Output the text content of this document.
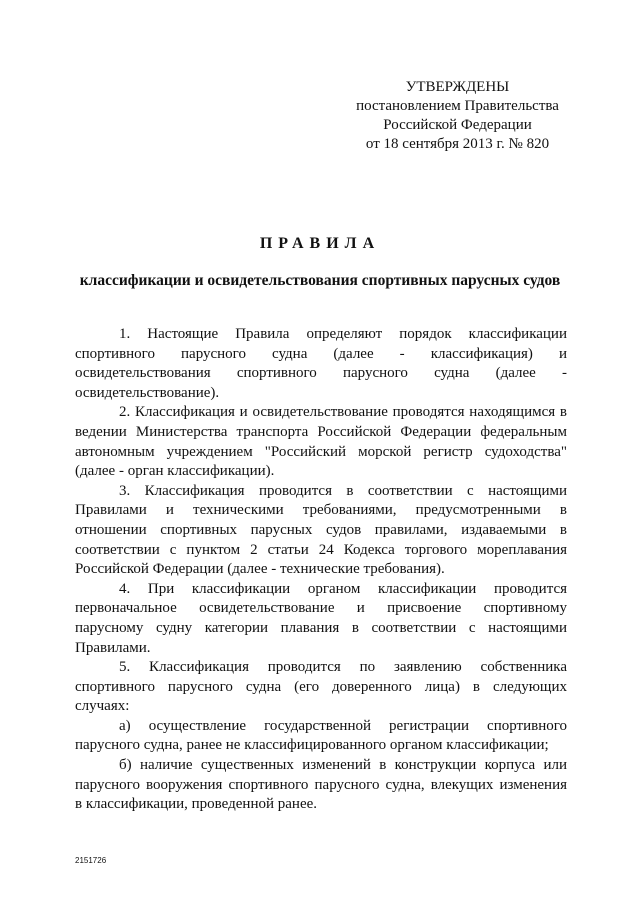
УТВЕРЖДЕНЫ
постановлением Правительства
Российской Федерации
от 18 сентября 2013 г. № 820
ПРАВИЛА
классификации и освидетельствования спортивных парусных судов
1. Настоящие Правила определяют порядок классификации
спортивного парусного судна (далее - классификация) и
освидетельствования спортивного парусного судна (далее -
освидетельствование).
2. Классификация и освидетельствование проводятся находящимся в
ведении Министерства транспорта Российской Федерации федеральным
автономным учреждением "Российский морской регистр судоходства"
(далее - орган классификации).
3. Классификация проводится в соответствии с настоящими
Правилами и техническими требованиями, предусмотренными в
отношении спортивных парусных судов правилами, издаваемыми в
соответствии с пунктом 2 статьи 24 Кодекса торгового мореплавания
Российской Федерации (далее - технические требования).
4. При классификации органом классификации проводится
первоначальное освидетельствование и присвоение спортивному
парусному судну категории плавания в соответствии с настоящими
Правилами.
5. Классификация проводится по заявлению собственника
спортивного парусного судна (его доверенного лица) в следующих
случаях:
а) осуществление государственной регистрации спортивного
парусного судна, ранее не классифицированного органом классификации;
б) наличие существенных изменений в конструкции корпуса или
парусного вооружения спортивного парусного судна, влекущих изменения
в классификации, проведенной ранее.
2151726
